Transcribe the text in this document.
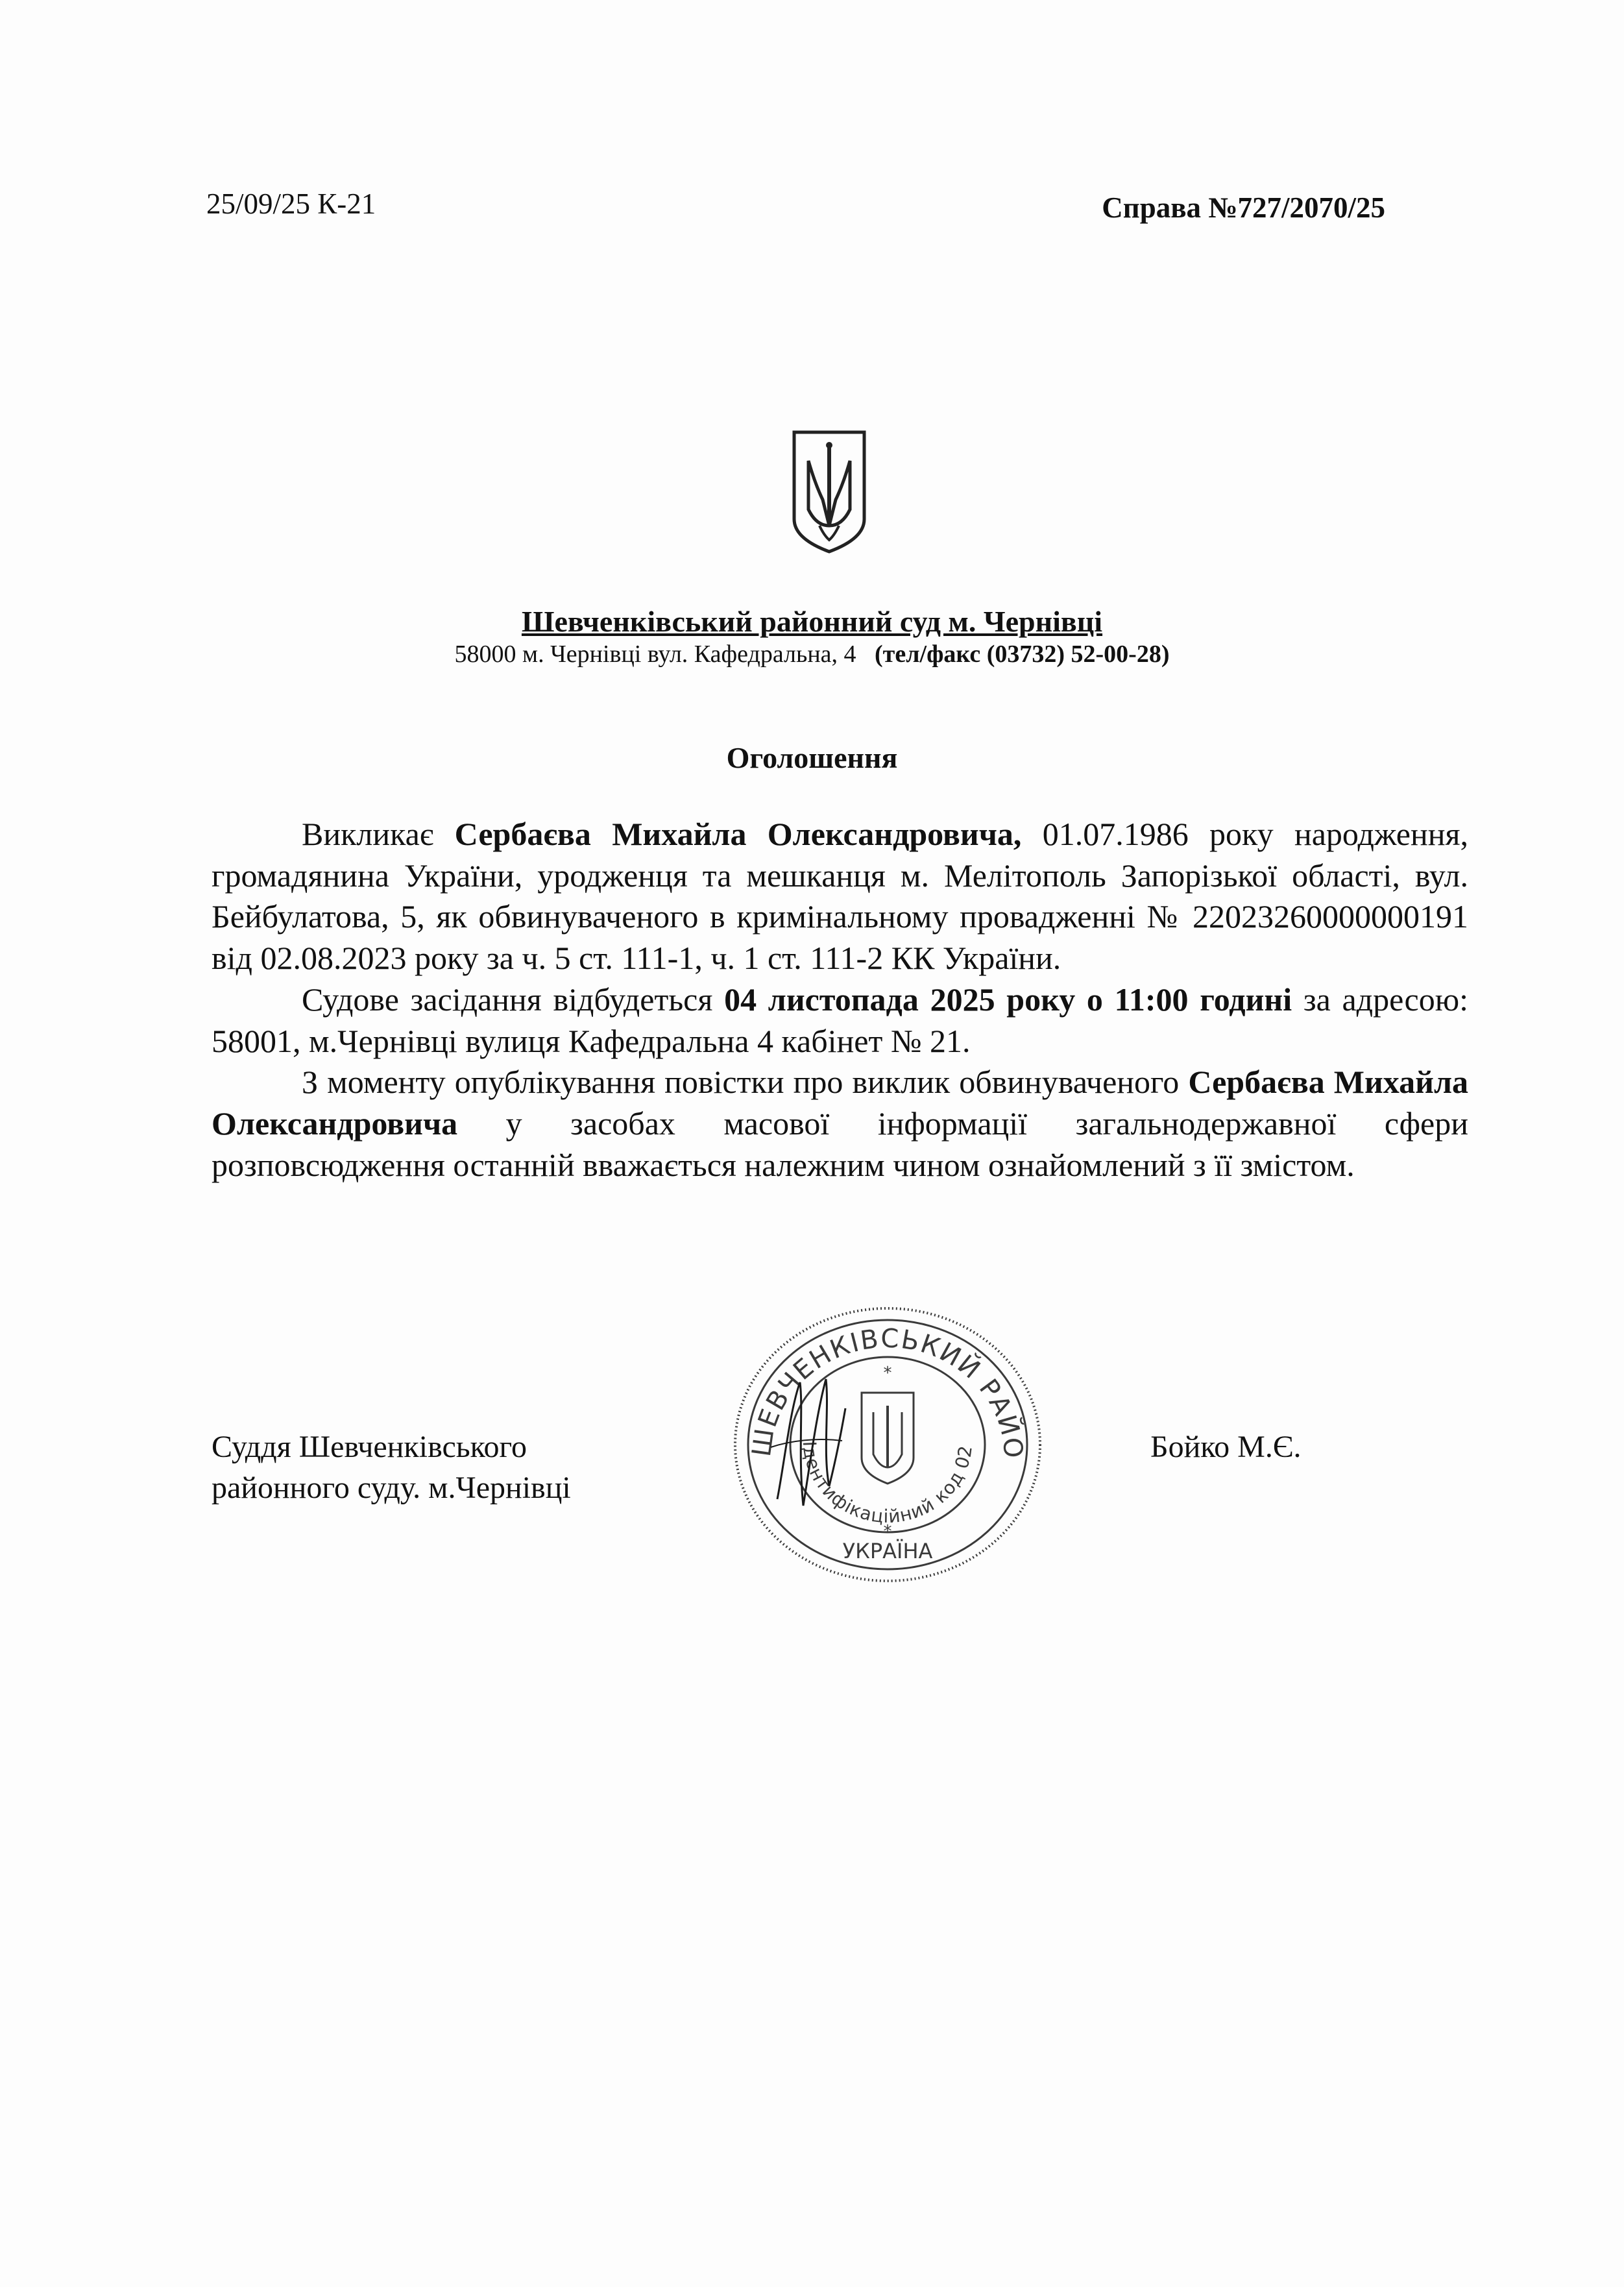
25/09/25 К-21	Справа №727/2070/25
Шевченківський районний суд м. Чернівці
58000 м. Чернівці вул. Кафедральна, 4 (тел/факс (03732) 52-00-28)
Оголошення

Викликає Сербаєва Михайла Олександровича, 01.07.1986 року народження, громадянина України, уродженця та мешканця м. Мелітополь Запорізької області, вул. Бейбулатова, 5, як обвинуваченого в кримінальному провадженні № 22023260000000191 від 02.08.2023 року за ч. 5 ст. 111-1, ч. 1 ст. 111-2 КК України.

Судове засідання відбудеться 04 листопада 2025 року о 11:00 годині за адресою: 58001, м.Чернівці вулиця Кафедральна 4 кабінет № 21.

З моменту опублікування повістки про виклик обвинуваченого Сербаєва Михайла Олександровича у засобах масової інформації загальнодержавної сфери розповсюдження останній вважається належним чином ознайомлений з її змістом.

Суддя Шевченківського
районного суду. м.Чернівці
Бойко М.Є.
ШЕВЧЕНКІВСЬКИЙ РАЙО
Ідентифікаційний код 02
УКРАЇНА
*
*
